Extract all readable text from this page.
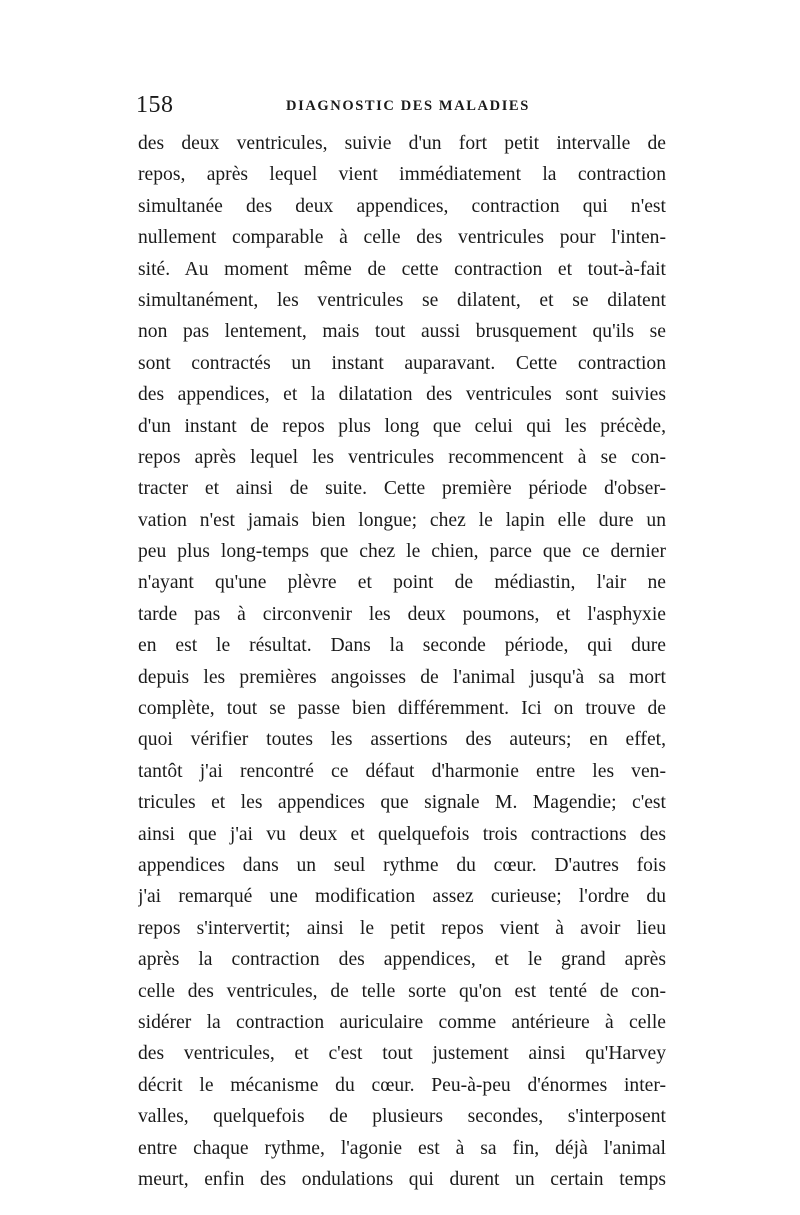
158	DIAGNOSTIC DES MALADIES
des deux ventricules, suivie d'un fort petit intervalle de
repos, après lequel vient immédiatement la contraction
simultanée des deux appendices, contraction qui n'est
nullement comparable à celle des ventricules pour l'inten-
sité. Au moment même de cette contraction et tout-à-fait
simultanément, les ventricules se dilatent, et se dilatent
non pas lentement, mais tout aussi brusquement qu'ils se
sont contractés un instant auparavant. Cette contraction
des appendices, et la dilatation des ventricules sont suivies
d'un instant de repos plus long que celui qui les précède,
repos après lequel les ventricules recommencent à se con-
tracter et ainsi de suite. Cette première période d'obser-
vation n'est jamais bien longue; chez le lapin elle dure un
peu plus long-temps que chez le chien, parce que ce dernier
n'ayant qu'une plèvre et point de médiastin, l'air ne
tarde pas à circonvenir les deux poumons, et l'asphyxie
en est le résultat. Dans la seconde période, qui dure
depuis les premières angoisses de l'animal jusqu'à sa mort
complète, tout se passe bien différemment. Ici on trouve de
quoi vérifier toutes les assertions des auteurs; en effet,
tantôt j'ai rencontré ce défaut d'harmonie entre les ven-
tricules et les appendices que signale M. Magendie; c'est
ainsi que j'ai vu deux et quelquefois trois contractions des
appendices dans un seul rythme du cœur. D'autres fois
j'ai remarqué une modification assez curieuse; l'ordre du
repos s'intervertit; ainsi le petit repos vient à avoir lieu
après la contraction des appendices, et le grand après
celle des ventricules, de telle sorte qu'on est tenté de con-
sidérer la contraction auriculaire comme antérieure à celle
des ventricules, et c'est tout justement ainsi qu'Harvey
décrit le mécanisme du cœur. Peu-à-peu d'énormes inter-
valles, quelquefois de plusieurs secondes, s'interposent
entre chaque rythme, l'agonie est à sa fin, déjà l'animal
meurt, enfin des ondulations qui durent un certain temps
